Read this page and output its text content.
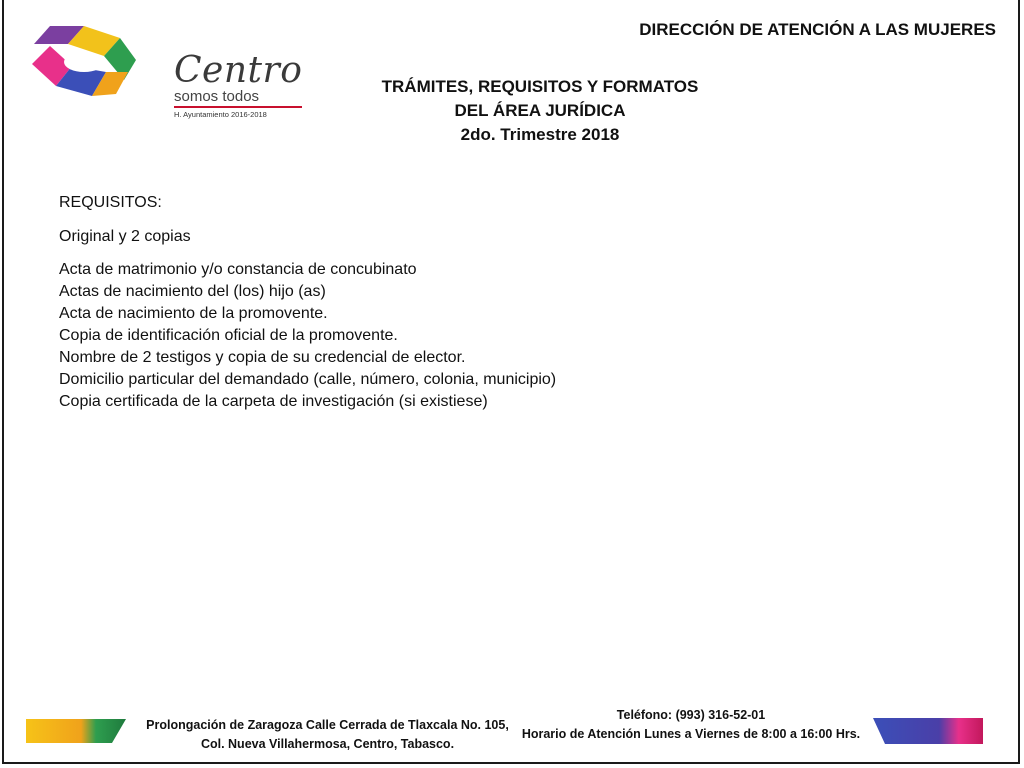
Centro
somos todos
H. Ayuntamiento 2016-2018
DIRECCIÓN DE ATENCIÓN A LAS MUJERES
TRÁMITES, REQUISITOS Y FORMATOS
DEL ÁREA JURÍDICA
2do. Trimestre 2018
REQUISITOS:
Original y 2 copias
Acta de matrimonio y/o constancia de concubinato
Actas de nacimiento del (los) hijo (as)
Acta de nacimiento de la promovente.
Copia de identificación oficial de la promovente.
Nombre de 2 testigos y copia de su credencial de elector.
Domicilio particular del demandado (calle, número, colonia, municipio)
Copia certificada de la carpeta de investigación (si existiese)
Prolongación de Zaragoza Calle Cerrada de Tlaxcala No. 105,
Col. Nueva Villahermosa, Centro, Tabasco.
Teléfono: (993) 316-52-01
Horario de Atención Lunes a Viernes de 8:00 a 16:00 Hrs.
